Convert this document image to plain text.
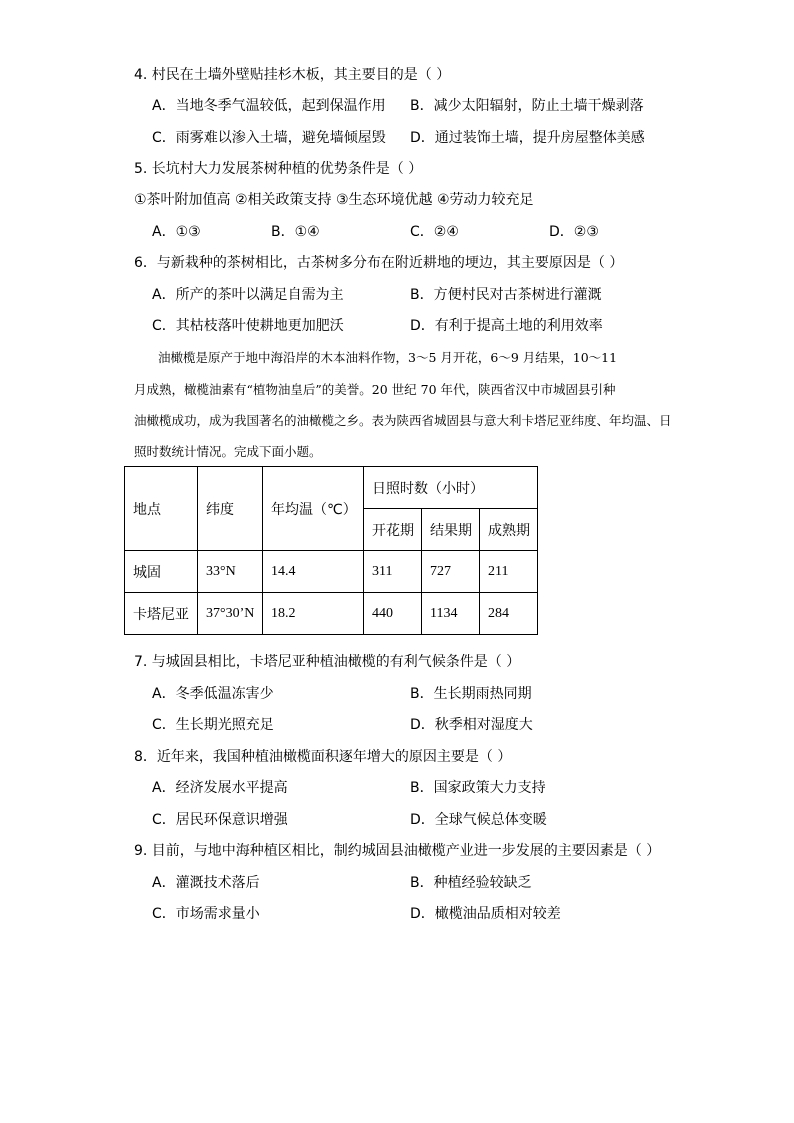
4. 村民在土墙外壁贴挂杉木板，其主要目的是（ ）
A．当地冬季气温较低，起到保温作用 B．减少太阳辐射，防止土墙干燥剥落
C．雨雾难以渗入土墙，避免墙倾屋毁 D．通过装饰土墙，提升房屋整体美感
5. 长坑村大力发展茶树种植的优势条件是（ ）
①茶叶附加值高 ②相关政策支持 ③生态环境优越 ④劳动力较充足
A．①③	B．①④	C．②④	D．②③
6．与新栽种的茶树相比，古茶树多分布在附近耕地的埂边，其主要原因是（ ）
A．所产的茶叶以满足自需为主	B．方便村民对古茶树进行灌溉
C．其枯枝落叶使耕地更加肥沃	D．有利于提高土地的利用效率
油橄榄是原产于地中海沿岸的木本油料作物，3～5 月开花，6～9 月结果，10～11
月成熟，橄榄油素有“植物油皇后”的美誉。20 世纪 70 年代，陕西省汉中市城固县引种
油橄榄成功，成为我国著名的油橄榄之乡。表为陕西省城固县与意大利卡塔尼亚纬度、年均温、日
照时数统计情况。完成下面小题。
地点	纬度	年均温（℃）	日照时数（小时）		
			开花期	结果期	成熟期
城固	33°N	14.4	311	727	211
卡塔尼亚	37°30’N	18.2	440	1134	284
7. 与城固县相比，卡塔尼亚种植油橄榄的有利气候条件是（ ）
A．冬季低温冻害少	B．生长期雨热同期
C．生长期光照充足	D．秋季相对湿度大
8．近年来，我国种植油橄榄面积逐年增大的原因主要是（ ）
A．经济发展水平提高	B．国家政策大力支持
C．居民环保意识增强	D．全球气候总体变暖
9. 目前，与地中海种植区相比，制约城固县油橄榄产业进一步发展的主要因素是（ ）
A．灌溉技术落后	B．种植经验较缺乏
C．市场需求量小	D．橄榄油品质相对较差
